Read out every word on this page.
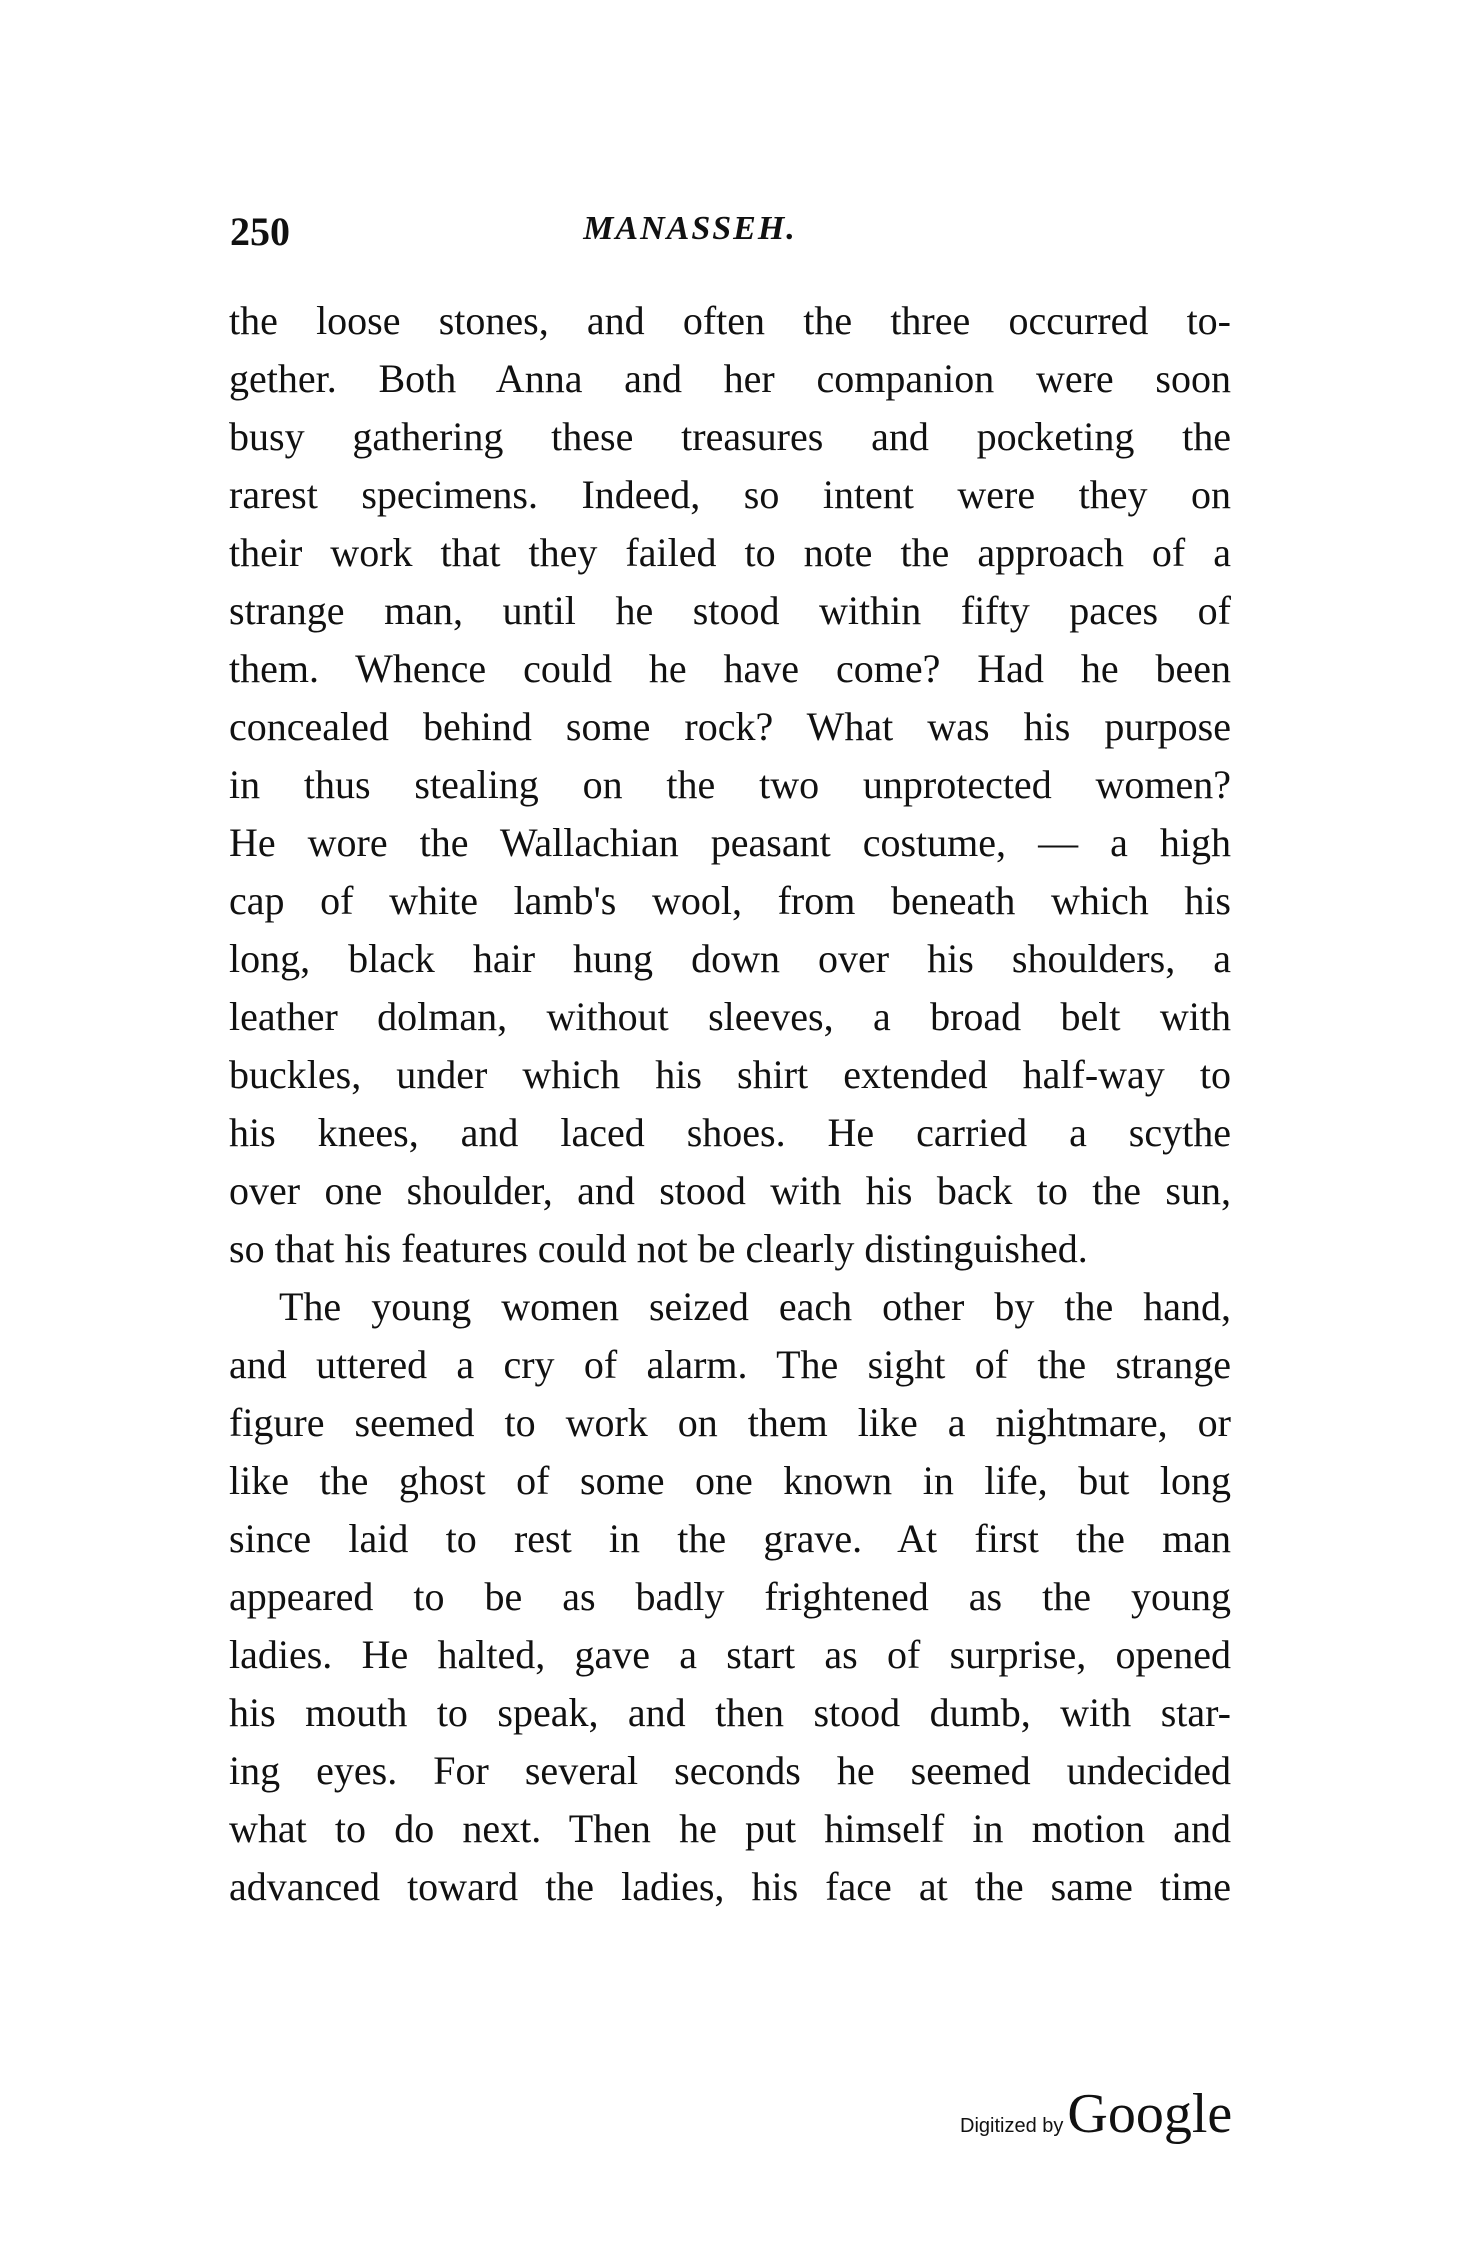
250	MANASSEH.
the loose stones, and often the three occurred to-
gether. Both Anna and her companion were soon
busy gathering these treasures and pocketing the
rarest specimens. Indeed, so intent were they on
their work that they failed to note the approach of a
strange man, until he stood within fifty paces of
them. Whence could he have come? Had he been
concealed behind some rock? What was his purpose
in thus stealing on the two unprotected women?
He wore the Wallachian peasant costume, — a high
cap of white lamb's wool, from beneath which his
long, black hair hung down over his shoulders, a
leather dolman, without sleeves, a broad belt with
buckles, under which his shirt extended half-way to
his knees, and laced shoes. He carried a scythe
over one shoulder, and stood with his back to the sun,
so that his features could not be clearly distinguished.
The young women seized each other by the hand,
and uttered a cry of alarm. The sight of the strange
figure seemed to work on them like a nightmare, or
like the ghost of some one known in life, but long
since laid to rest in the grave. At first the man
appeared to be as badly frightened as the young
ladies. He halted, gave a start as of surprise, opened
his mouth to speak, and then stood dumb, with star-
ing eyes. For several seconds he seemed undecided
what to do next. Then he put himself in motion and
advanced toward the ladies, his face at the same time
Digitized by Google
